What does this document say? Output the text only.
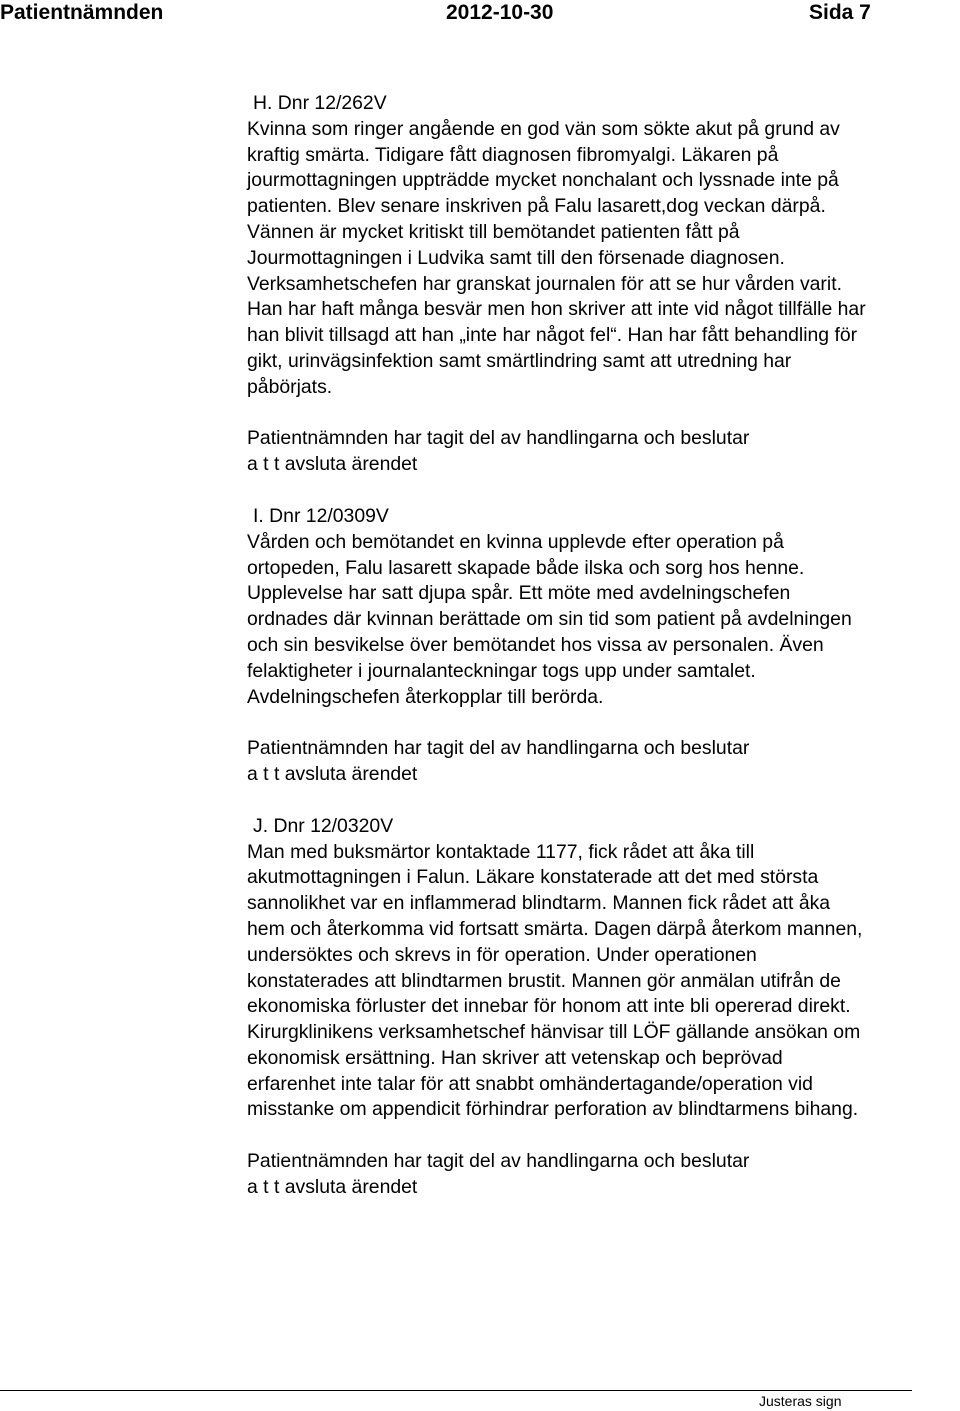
Patientnämnden	2012-10-30	Sida 7

H. Dnr 12/262V

Kvinna som ringer angående en god vän som sökte akut på grund av

kraftig smärta. Tidigare fått diagnosen fibromyalgi. Läkaren på

jourmottagningen uppträdde mycket nonchalant och lyssnade inte på

patienten. Blev senare inskriven på Falu lasarett,dog veckan därpå.

Vännen är mycket kritiskt till bemötandet patienten fått på

Jourmottagningen i Ludvika samt till den försenade diagnosen.

Verksamhetschefen har granskat journalen för att se hur vården varit.

Han har haft många besvär men hon skriver att inte vid något tillfälle har

han blivit tillsagd att han „inte har något fel“. Han har fått behandling för

gikt, urinvägsinfektion samt smärtlindring samt att utredning har

påbörjats.

Patientnämnden har tagit del av handlingarna och beslutar

a t t avsluta ärendet

I. Dnr 12/0309V

Vården och bemötandet en kvinna upplevde efter operation på

ortopeden, Falu lasarett skapade både ilska och sorg hos henne.

Upplevelse har satt djupa spår. Ett möte med avdelningschefen

ordnades där kvinnan berättade om sin tid som patient på avdelningen

och sin besvikelse över bemötandet hos vissa av personalen. Även

felaktigheter i journalanteckningar togs upp under samtalet.

Avdelningschefen återkopplar till berörda.

Patientnämnden har tagit del av handlingarna och beslutar

a t t avsluta ärendet

J. Dnr 12/0320V

Man med buksmärtor kontaktade 1177, fick rådet att åka till

akutmottagningen i Falun. Läkare konstaterade att det med största

sannolikhet var en inflammerad blindtarm. Mannen fick rådet att åka

hem och återkomma vid fortsatt smärta. Dagen därpå återkom mannen,

undersöktes och skrevs in för operation. Under operationen

konstaterades att blindtarmen brustit. Mannen gör anmälan utifrån de

ekonomiska förluster det innebar för honom att inte bli opererad direkt.

Kirurgklinikens verksamhetschef hänvisar till LÖF gällande ansökan om

ekonomisk ersättning. Han skriver att vetenskap och beprövad

erfarenhet inte talar för att snabbt omhändertagande/operation vid

misstanke om appendicit förhindrar perforation av blindtarmens bihang.

Patientnämnden har tagit del av handlingarna och beslutar

a t t avsluta ärendet

Justeras sign
